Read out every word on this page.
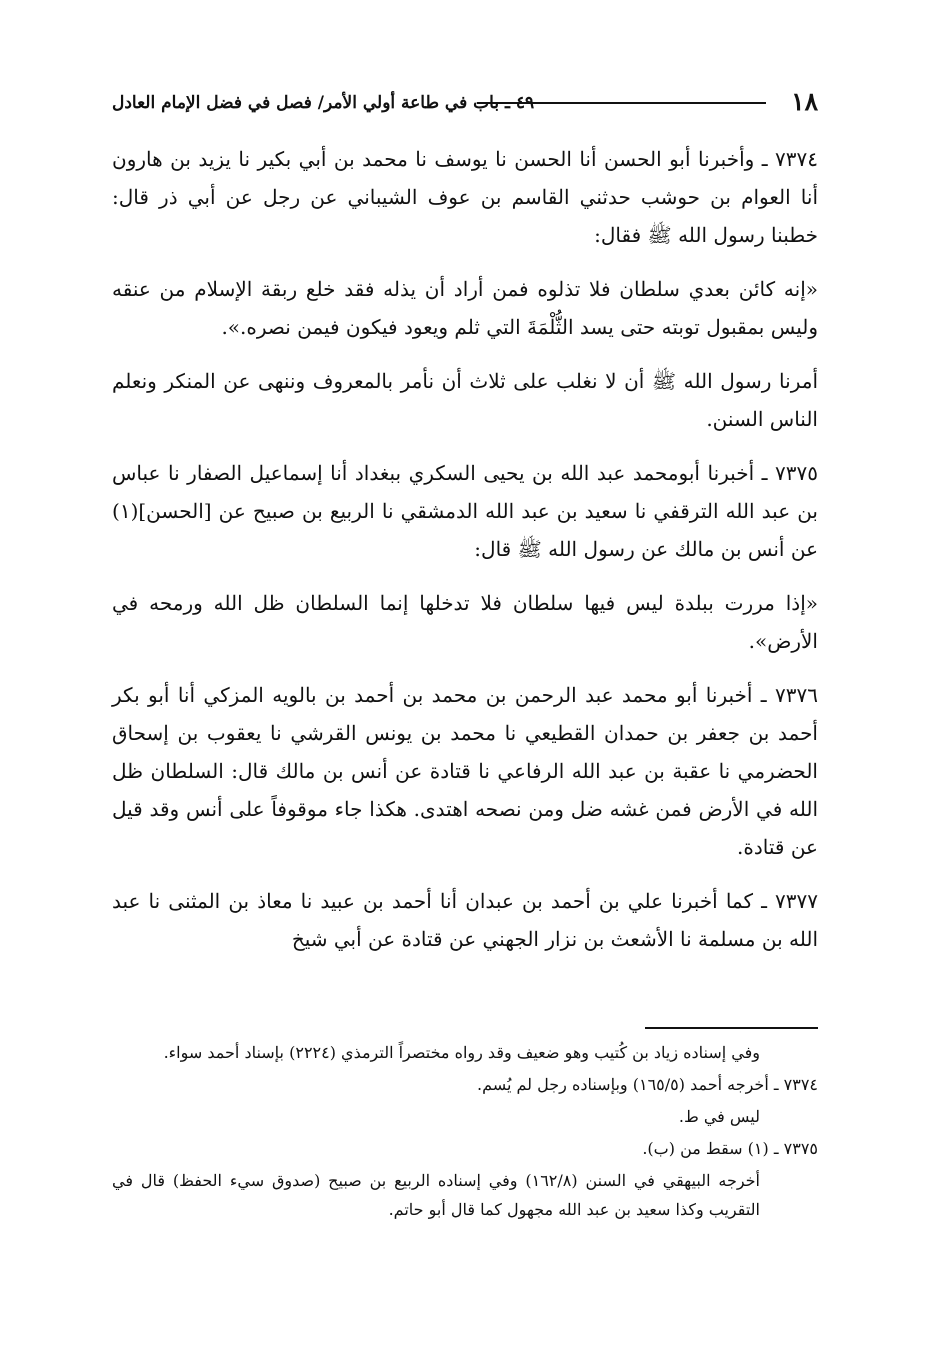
١٨
٤٩ ـ باب في طاعة أولي الأمر/ فصل في فضل الإمام العادل

٧٣٧٤ ـ وأخبرنا أبو الحسن أنا الحسن نا يوسف نا محمد بن أبي بكير نا يزيد بن هارون أنا العوام بن حوشب حدثني القاسم بن عوف الشيباني عن رجل عن أبي ذر قال: خطبنا رسول الله ﷺ فقال:

«إنه كائن بعدي سلطان فلا تذلوه فمن أراد أن يذله فقد خلع ربقة الإسلام من عنقه وليس بمقبول توبته حتى يسد الثُّلْمَةَ التي ثلم ويعود فيكون فيمن نصره.».

أمرنا رسول الله ﷺ أن لا نغلب على ثلاث أن نأمر بالمعروف وننهى عن المنكر ونعلم الناس السنن.

٧٣٧٥ ـ أخبرنا أبومحمد عبد الله بن يحيى السكري ببغداد أنا إسماعيل الصفار نا عباس بن عبد الله الترقفي نا سعيد بن عبد الله الدمشقي نا الربيع بن صبيح عن [الحسن](١) عن أنس بن مالك عن رسول الله ﷺ قال:

«إذا مررت ببلدة ليس فيها سلطان فلا تدخلها إنما السلطان ظل الله ورمحه في الأرض».

٧٣٧٦ ـ أخبرنا أبو محمد عبد الرحمن بن محمد بن أحمد بن بالويه المزكي أنا أبو بكر أحمد بن جعفر بن حمدان القطيعي نا محمد بن يونس القرشي نا يعقوب بن إسحاق الحضرمي نا عقبة بن عبد الله الرفاعي نا قتادة عن أنس بن مالك قال: السلطان ظل الله في الأرض فمن غشه ضل ومن نصحه اهتدى. هكذا جاء موقوفاً على أنس وقد قيل عن قتادة.

٧٣٧٧ ـ كما أخبرنا علي بن أحمد بن عبدان أنا أحمد بن عبيد نا معاذ بن المثنى نا عبد الله بن مسلمة نا الأشعث بن نزار الجهني عن قتادة عن أبي شيخ

وفي إسناده زياد بن كُتيب وهو ضعيف وقد رواه مختصراً الترمذي (٢٢٢٤) بإسناد أحمد سواء.

٧٣٧٤ ـ أخرجه أحمد (١٦٥/٥) وبإسناده رجل لم يُسم.

ليس في ط.

٧٣٧٥ ـ (١) سقط من (ب).

أخرجه البيهقي في السنن (١٦٢/٨) وفي إسناده الربيع بن صبيح (صدوق سيء الحفظ) قال في التقريب وكذا سعيد بن عبد الله مجهول كما قال أبو حاتم.
